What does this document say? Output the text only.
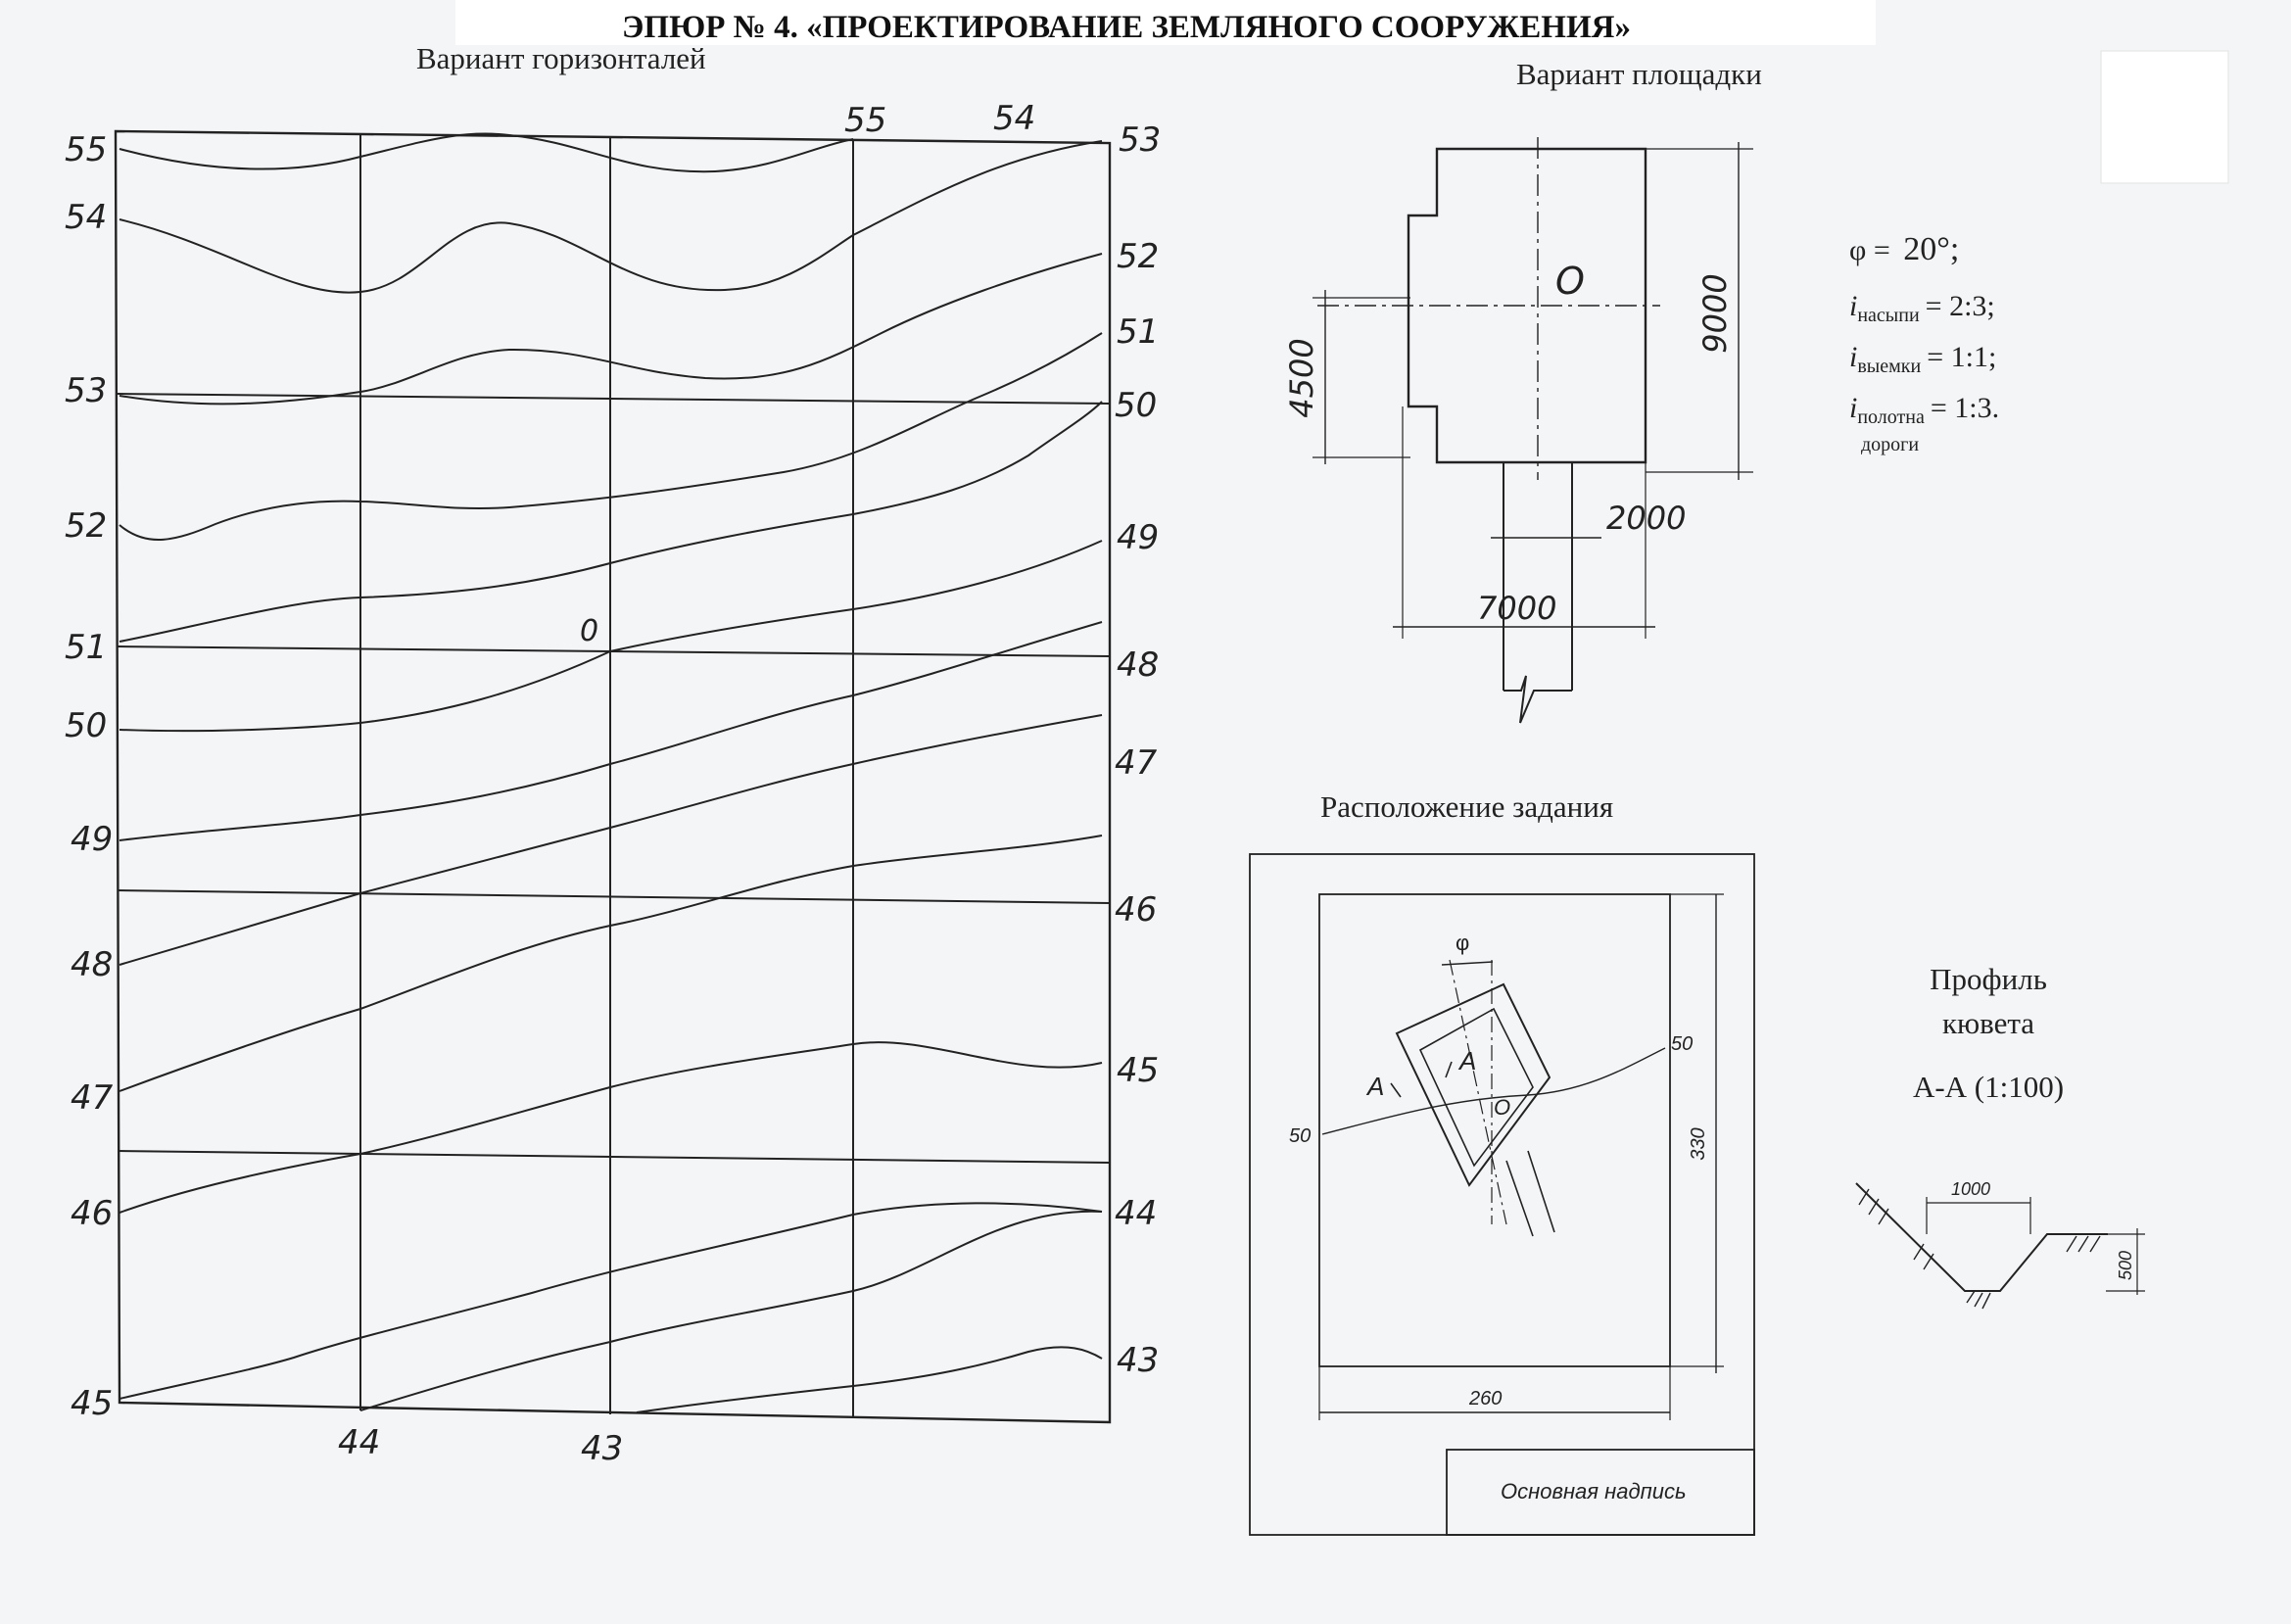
ЭПЮР № 4. «ПРОЕКТИРОВАНИЕ ЗЕМЛЯНОГО СООРУЖЕНИЯ»
Вариант горизонталей
55
54
53
52
51
50
49
48
47
46
45
53
52
51
50
49
48
47
46
45
44
43
55	54
44	43
0
Вариант площадки
O	9000
4500
2000
7000
φ = 20°;
$i_{насыпи}$ = 2:3;
$i_{выемки}$ = 1:1;
$i_{полотна}$ = 1:3.
дороги
Расположение задания
Основная надпись
260
330
50
50
φ
A
A
O
Профиль
кювета
А-А (1:100)
1000
500
